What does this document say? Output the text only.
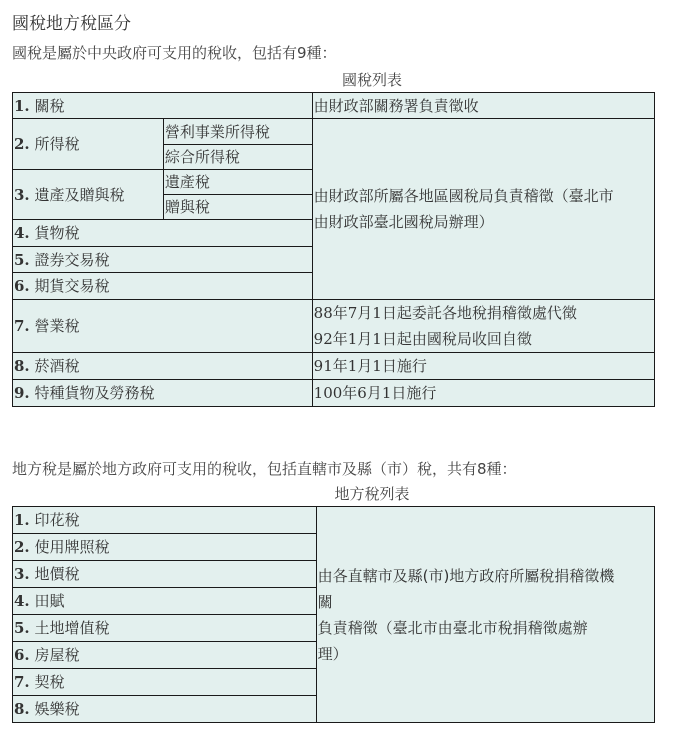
國稅地方稅區分
國稅是屬於中央政府可支用的稅收，包括有9種：
國稅列表
1. 關稅		由財政部關務署負責徵收
2. 所得稅	營利事業所得稅	由財政部所屬各地區國稅局負責稽徵（臺北市
由財政部臺北國稅局辦理）

	綜合所得稅	
3. 遺產及贈與稅	遺產稅	
	贈與稅	
4. 貨物稅		
5. 證券交易稅		
6. 期貨交易稅		
7. 營業稅		88年7月1日起委託各地稅捐稽徵處代徵
92年1月1日起由國稅局收回自徵

8. 菸酒稅		91年1月1日施行
9. 特種貨物及勞務稅		100年6月1日施行
地方稅是屬於地方政府可支用的稅收，包括直轄市及縣（市）稅，共有8種：
地方稅列表
1. 印花稅	
由各直轄市及縣(市)地方政府所屬稅捐稽徵機
關
負責稽徵（臺北市由臺北市稅捐稽徵處辦
理）

2. 使用牌照稅
3. 地價稅
4. 田賦
5. 土地增值稅
6. 房屋稅
7. 契稅
8. 娛樂稅
